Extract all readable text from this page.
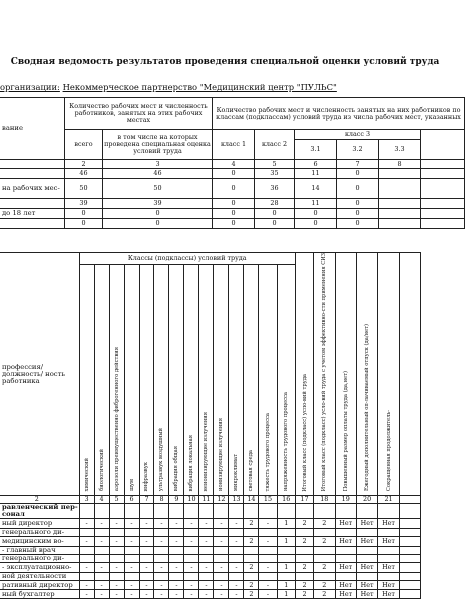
Сводная ведомость результатов проведения специальной оценки условий труда
организации: Некоммерческое партнерство "Медицинский центр "ПУЛЬС"
вание	Количество рабочих мест и численность работников, занятых на этих рабочих местах		Количество рабочих мест и численность занятых на них работников по классам (подклассам) условий труда из числа рабочих мест, указанных					
	всего	в том числе на которых проведена специальная оценка условий труда	класс 1	класс 2	класс 3			
					3.1	3.2	3.3	
	2	3	4	5	6	7	8	
	46	46	0	35	11	0		
на рабочих мес-	50	50	0	36	14	0		
	39	39	0	28	11	0		
до 18 лет	0	0	0	0	0	0		
	0	0	0	0	0	0		
профессия/ должность/ ность работника	Классы (подклассы) условий труда														Итоговый класс (подкласс) усло-вий труда	Итоговый класс (подкласс) усло-вий труда с учетом эффективно-сти применения СИЗ	Повышенный размер оплаты труда (да,нет)	Ежегодный дополнительный оп-лачиваемый отпуск (да/нет)	Сокращенная продолжитель-	
	химический	биологический	аэрозоли преимущественно фиброгенного действия	шум	инфразвук	ультразвук воздушный	вибрация общая	вибрация локальная	неионизирующие излучения	ионизирующие излучения	микроклимат	световая среда	тяжесть трудового процесса	напряженность трудового процесса						
2	3	4	5	6	7	8	9	10	11	12	13	14	15	16	17	18	19	20	21	
равленческий пер-сонал																				
ный директор	-	-	-	-	-	-	-	-	-	-	-	2	-	1	2	2	Нет	Нет	Нет	
генерального ди-																				
медицинским во-	-	-	-	-	-	-	-	-	-	-	-	2	-	1	2	2	Нет	Нет	Нет	
- главный врач																				
генерального ди-																				
- эксплуатационно-	-	-	-	-	-	-	-	-	-	-	-	2	-	1	2	2	Нет	Нет	Нет	
ной деятельности																				
ративный директор	-	-	-	-	-	-	-	-	-	-	-	2	-	1	2	2	Нет	Нет	Нет	
ный бухгалтер	-	-	-	-	-	-	-	-	-	-	-	2	-	1	2	2	Нет	Нет	Нет	
